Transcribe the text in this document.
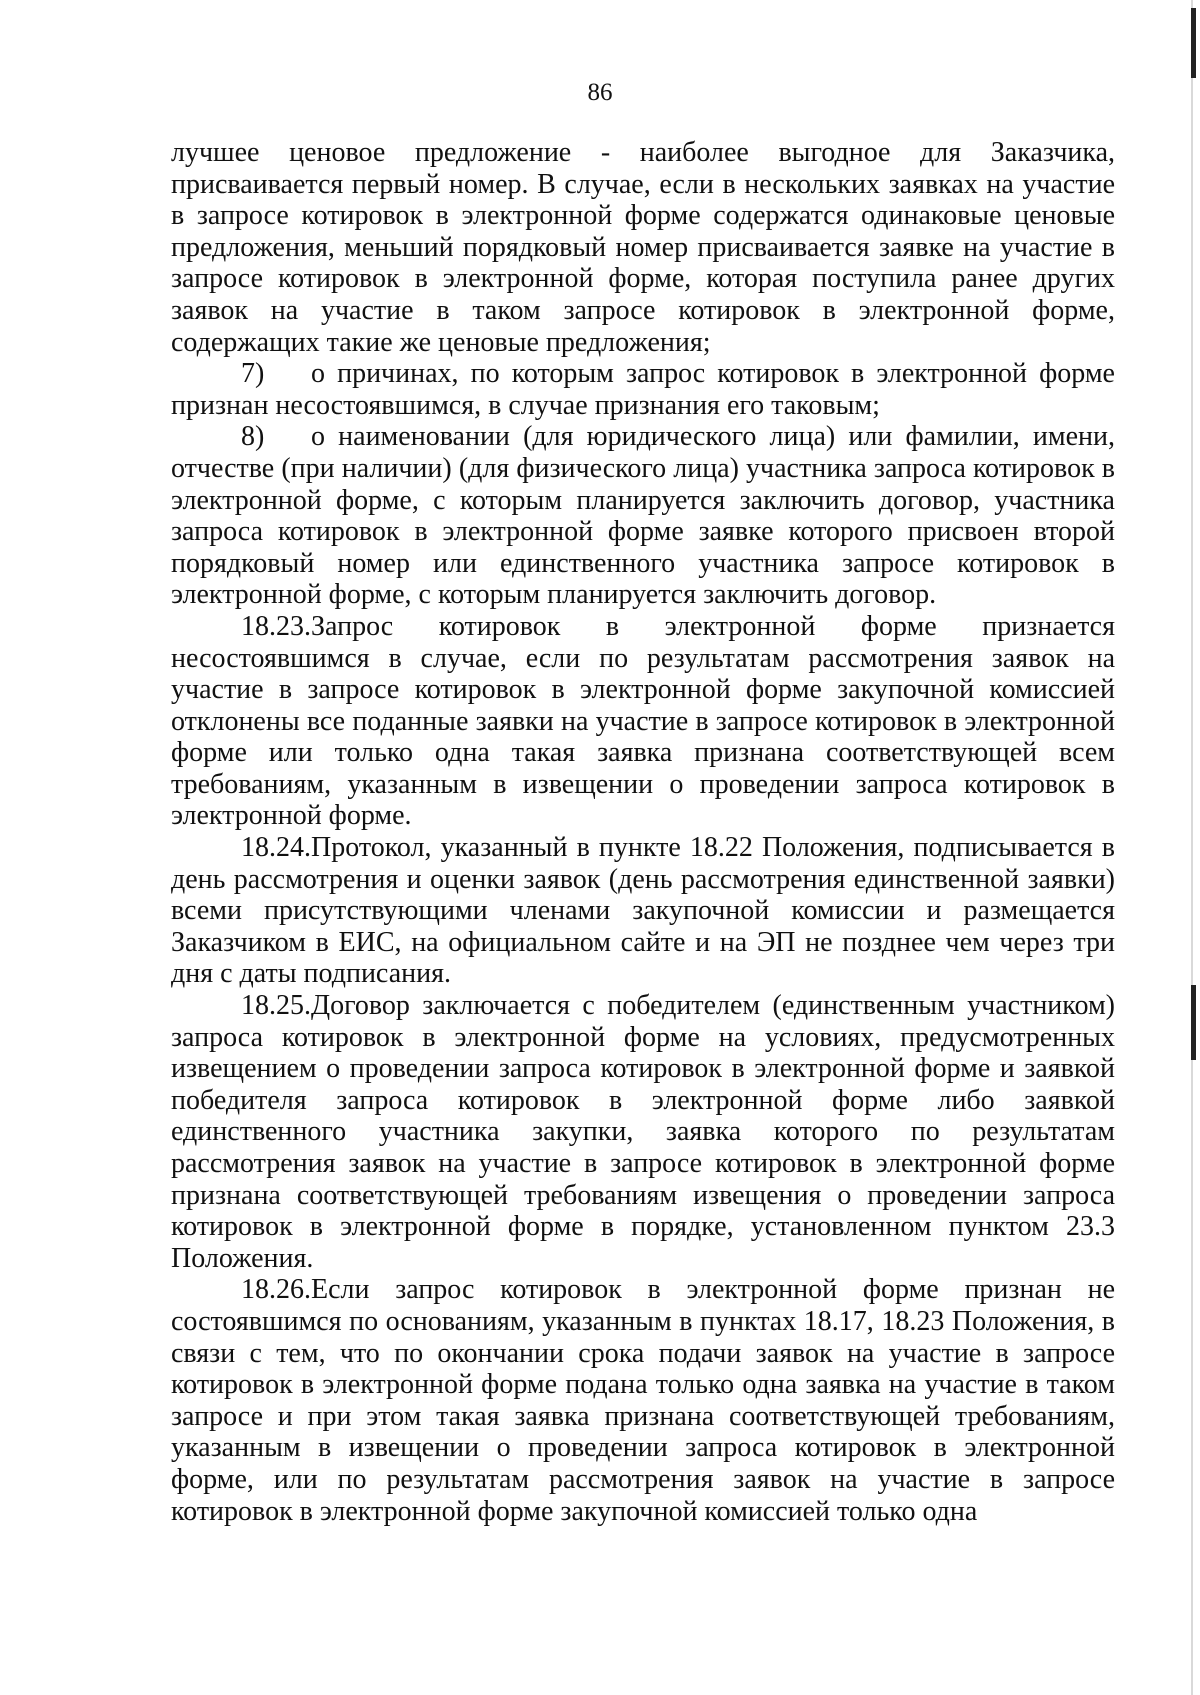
86

лучшее ценовое предложение - наиболее выгодное для Заказчика, присваивается первый номер. В случае, если в нескольких заявках на участие в запросе котировок в электронной форме содержатся одинаковые ценовые предложения, меньший порядковый номер присваивается заявке на участие в запросе котировок в электронной форме, которая поступила ранее других заявок на участие в таком запросе котировок в электронной форме, содержащих такие же ценовые предложения;

7) о причинах, по которым запрос котировок в электронной форме признан несостоявшимся, в случае признания его таковым;

8) о наименовании (для юридического лица) или фамилии, имени, отчестве (при наличии) (для физического лица) участника запроса котировок в электронной форме, с которым планируется заключить договор, участника запроса котировок в электронной форме заявке которого присвоен второй порядковый номер или единственного участника запросе котировок в электронной форме, с которым планируется заключить договор.

18.23.Запрос котировок в электронной форме признается несостоявшимся в случае, если по результатам рассмотрения заявок на участие в запросе котировок в электронной форме закупочной комиссией отклонены все поданные заявки на участие в запросе котировок в электронной форме или только одна такая заявка признана соответствующей всем требованиям, указанным в извещении о проведении запроса котировок в электронной форме.

18.24.Протокол, указанный в пункте 18.22 Положения, подписывается в день рассмотрения и оценки заявок (день рассмотрения единственной заявки) всеми присутствующими членами закупочной комиссии и размещается Заказчиком в ЕИС, на официальном сайте и на ЭП не позднее чем через три дня с даты подписания.

18.25.Договор заключается с победителем (единственным участником) запроса котировок в электронной форме на условиях, предусмотренных извещением о проведении запроса котировок в электронной форме и заявкой победителя запроса котировок в электронной форме либо заявкой единственного участника закупки, заявка которого по результатам рассмотрения заявок на участие в запросе котировок в электронной форме признана соответствующей требованиям извещения о проведении запроса котировок в электронной форме в порядке, установленном пунктом 23.3 Положения.

18.26.Если запрос котировок в электронной форме признан не состоявшимся по основаниям, указанным в пунктах 18.17, 18.23 Положения, в связи с тем, что по окончании срока подачи заявок на участие в запросе котировок в электронной форме подана только одна заявка на участие в таком запросе и при этом такая заявка признана соответствующей требованиям, указанным в извещении о проведении запроса котировок в электронной форме, или по результатам рассмотрения заявок на участие в запросе котировок в электронной форме закупочной комиссией только одна
